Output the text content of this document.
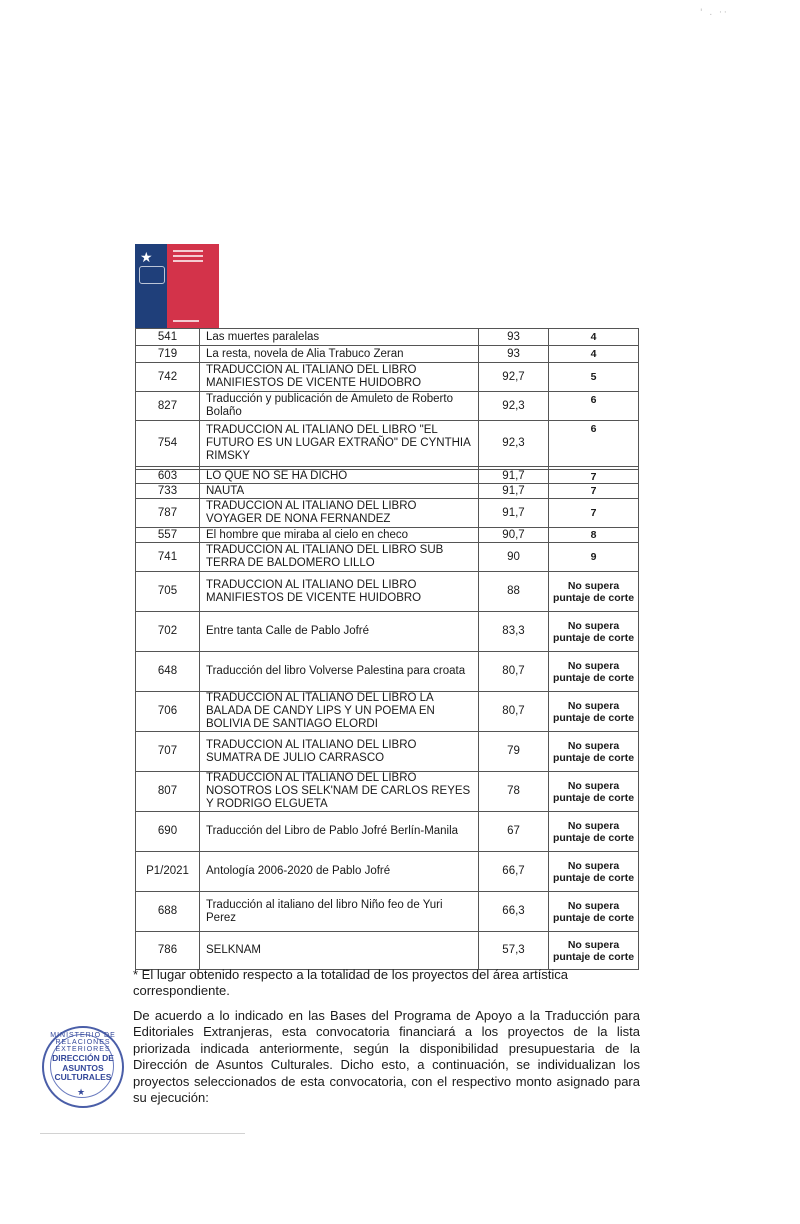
' . ··
★
541	Las muertes paralelas	93	4
719	La resta, novela de Alia Trabuco Zeran	93	4
742	TRADUCCION AL ITALIANO DEL LIBRO MANIFIESTOS DE VICENTE HUIDOBRO	92,7	5
827	Traducción y publicación de Amuleto de Roberto Bolaño	92,3	6
754	TRADUCCION AL ITALIANO DEL LIBRO "EL FUTURO ES UN LUGAR EXTRAÑO" DE CYNTHIA RIMSKY	92,3	6

603	LO QUE NO SE HA DICHO	91,7	7
733	NAUTA	91,7	7
787	TRADUCCION AL ITALIANO DEL LIBRO VOYAGER DE NONA FERNANDEZ	91,7	7
557	El hombre que miraba al cielo en checo	90,7	8
741	TRADUCCION AL ITALIANO DEL LIBRO SUB TERRA DE BALDOMERO LILLO	90	9
705	TRADUCCION AL ITALIANO DEL LIBRO MANIFIESTOS DE VICENTE HUIDOBRO	88	No supera puntaje de corte
702	Entre tanta Calle de Pablo Jofré	83,3	No supera puntaje de corte
648	Traducción del libro Volverse Palestina para croata	80,7	No supera puntaje de corte
706	TRADUCCION AL ITALIANO DEL LIBRO LA BALADA DE CANDY LIPS Y UN POEMA EN BOLIVIA DE SANTIAGO ELORDI	80,7	No supera puntaje de corte
707	TRADUCCION AL ITALIANO DEL LIBRO SUMATRA DE JULIO CARRASCO	79	No supera puntaje de corte
807	TRADUCCION AL ITALIANO DEL LIBRO NOSOTROS LOS SELK'NAM DE CARLOS REYES Y RODRIGO ELGUETA	78	No supera puntaje de corte
690	Traducción del Libro de Pablo Jofré Berlín-Manila	67	No supera puntaje de corte
P1/2021	Antología 2006-2020 de Pablo Jofré	66,7	No supera puntaje de corte
688	Traducción al italiano del libro Niño feo de Yuri Perez	66,3	No supera puntaje de corte
786	SELKNAM	57,3	No supera puntaje de corte

* El lugar obtenido respecto a la totalidad de los proyectos del área artística correspondiente.

De acuerdo a lo indicado en las Bases del Programa de Apoyo a la Traducción para Editoriales Extranjeras, esta convocatoria financiará a los proyectos de la lista priorizada indicada anteriormente, según la disponibilidad presupuestaria de la Dirección de Asuntos Culturales. Dicho esto, a continuación, se individualizan los proyectos seleccionados de esta convocatoria, con el respectivo monto asignado para su ejecución:

MINISTERIO DE RELACIONES EXTERIORES
DIRECCIÓN DE ASUNTOS CULTURALES
★
